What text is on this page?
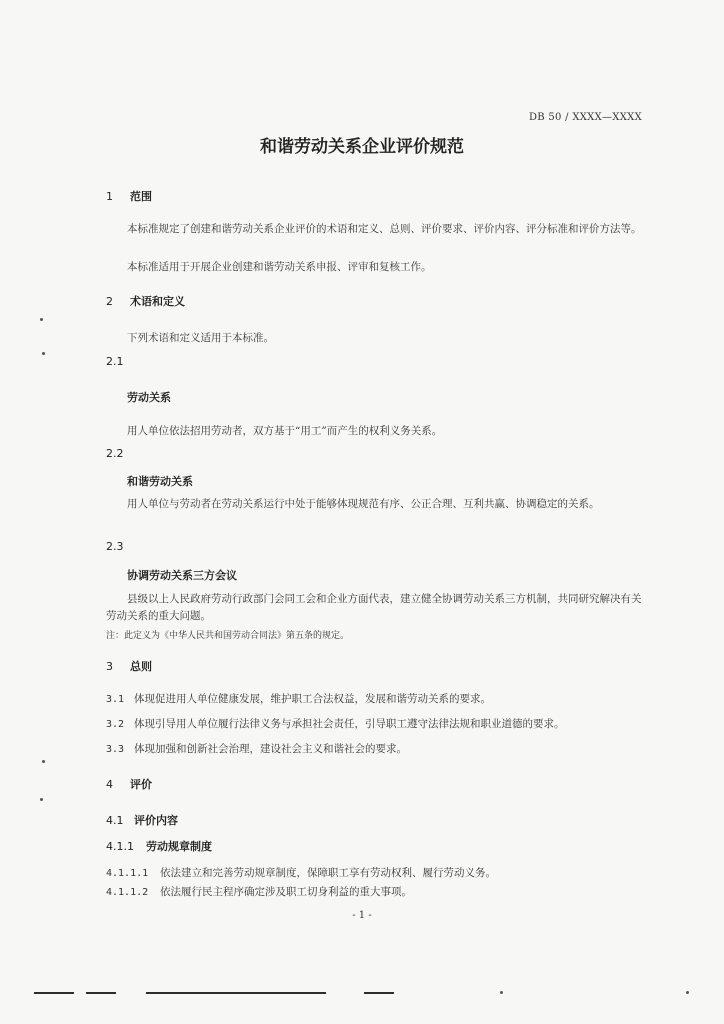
DB 50 / XXXX—XXXX
和谐劳动关系企业评价规范
1 范围
本标准规定了创建和谐劳动关系企业评价的术语和定义、总则、评价要求、评价内容、评分标准和评价方法等。
本标准适用于开展企业创建和谐劳动关系申报、评审和复核工作。
2 术语和定义
下列术语和定义适用于本标准。
2.1
劳动关系
用人单位依法招用劳动者，双方基于“用工”而产生的权利义务关系。
2.2
和谐劳动关系
用人单位与劳动者在劳动关系运行中处于能够体现规范有序、公正合理、互利共赢、协调稳定的关系。
2.3
协调劳动关系三方会议
县级以上人民政府劳动行政部门会同工会和企业方面代表，建立健全协调劳动关系三方机制，共同研究解决有关劳动关系的重大问题。
注：此定义为《中华人民共和国劳动合同法》第五条的规定。
3 总则
3.1 体现促进用人单位健康发展，维护职工合法权益，发展和谐劳动关系的要求。
3.2 体现引导用人单位履行法律义务与承担社会责任，引导职工遵守法律法规和职业道德的要求。
3.3 体现加强和创新社会治理，建设社会主义和谐社会的要求。
4 评价
4.1 评价内容
4.1.1 劳动规章制度
4.1.1.1 依法建立和完善劳动规章制度，保障职工享有劳动权利、履行劳动义务。
4.1.1.2 依法履行民主程序确定涉及职工切身利益的重大事项。
- 1 -
